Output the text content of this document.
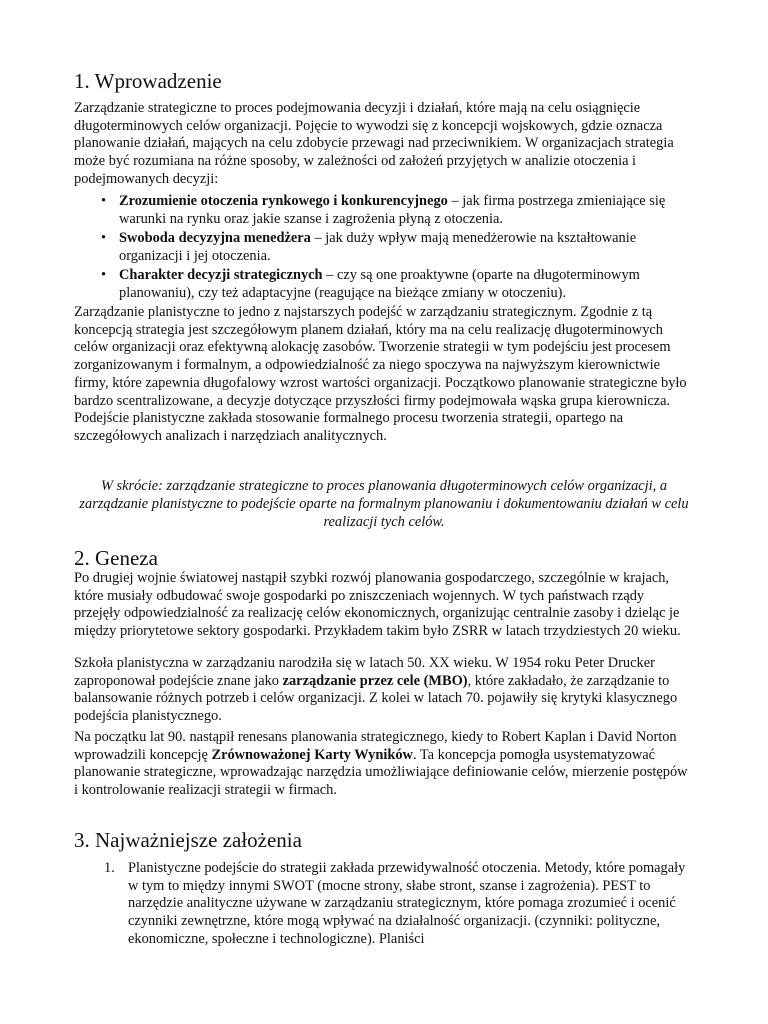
1. Wprowadzenie

Zarządzanie strategiczne to proces podejmowania decyzji i działań, które mają na celu osiągnięcie długoterminowych celów organizacji. Pojęcie to wywodzi się z koncepcji wojskowych, gdzie oznacza planowanie działań, mających na celu zdobycie przewagi nad przeciwnikiem. W organizacjach strategia może być rozumiana na różne sposoby, w zależności od założeń przyjętych w analizie otoczenia i podejmowanych decyzji:

• Zrozumienie otoczenia rynkowego i konkurencyjnego – jak firma postrzega zmieniające się warunki na rynku oraz jakie szanse i zagrożenia płyną z otoczenia.
• Swoboda decyzyjna menedżera – jak duży wpływ mają menedżerowie na kształtowanie organizacji i jej otoczenia.
• Charakter decyzji strategicznych – czy są one proaktywne (oparte na długoterminowym planowaniu), czy też adaptacyjne (reagujące na bieżące zmiany w otoczeniu).

Zarządzanie planistyczne to jedno z najstarszych podejść w zarządzaniu strategicznym. Zgodnie z tą koncepcją strategia jest szczegółowym planem działań, który ma na celu realizację długoterminowych celów organizacji oraz efektywną alokację zasobów. Tworzenie strategii w tym podejściu jest procesem zorganizowanym i formalnym, a odpowiedzialność za niego spoczywa na najwyższym kierownictwie firmy, które zapewnia długofalowy wzrost wartości organizacji. Początkowo planowanie strategiczne było bardzo scentralizowane, a decyzje dotyczące przyszłości firmy podejmowała wąska grupa kierownicza. Podejście planistyczne zakłada stosowanie formalnego procesu tworzenia strategii, opartego na szczegółowych analizach i narzędziach analitycznych.

W skrócie: zarządzanie strategiczne to proces planowania długoterminowych celów organizacji, a zarządzanie planistyczne to podejście oparte na formalnym planowaniu i dokumentowaniu działań w celu realizacji tych celów.

2. Geneza

Po drugiej wojnie światowej nastąpił szybki rozwój planowania gospodarczego, szczególnie w krajach, które musiały odbudować swoje gospodarki po zniszczeniach wojennych. W tych państwach rządy przejęły odpowiedzialność za realizację celów ekonomicznych, organizując centralnie zasoby i dzieląc je między priorytetowe sektory gospodarki. Przykładem takim było ZSRR w latach trzydziestych 20 wieku.

Szkoła planistyczna w zarządzaniu narodziła się w latach 50. XX wieku. W 1954 roku Peter Drucker zaproponował podejście znane jako zarządzanie przez cele (MBO), które zakładało, że zarządzanie to balansowanie różnych potrzeb i celów organizacji. Z kolei w latach 70. pojawiły się krytyki klasycznego podejścia planistycznego.

Na początku lat 90. nastąpił renesans planowania strategicznego, kiedy to Robert Kaplan i David Norton wprowadzili koncepcję Zrównoważonej Karty Wyników. Ta koncepcja pomogła usystematyzować planowanie strategiczne, wprowadzając narzędzia umożliwiające definiowanie celów, mierzenie postępów i kontrolowanie realizacji strategii w firmach.

3. Najważniejsze założenia
1. Planistyczne podejście do strategii zakłada przewidywalność otoczenia. Metody, które pomagały w tym to między innymi SWOT (mocne strony, słabe stront, szanse i zagrożenia). PEST to narzędzie analityczne używane w zarządzaniu strategicznym, które pomaga zrozumieć i ocenić czynniki zewnętrzne, które mogą wpływać na działalność organizacji. (czynniki: polityczne, ekonomiczne, społeczne i technologiczne). Planiści
